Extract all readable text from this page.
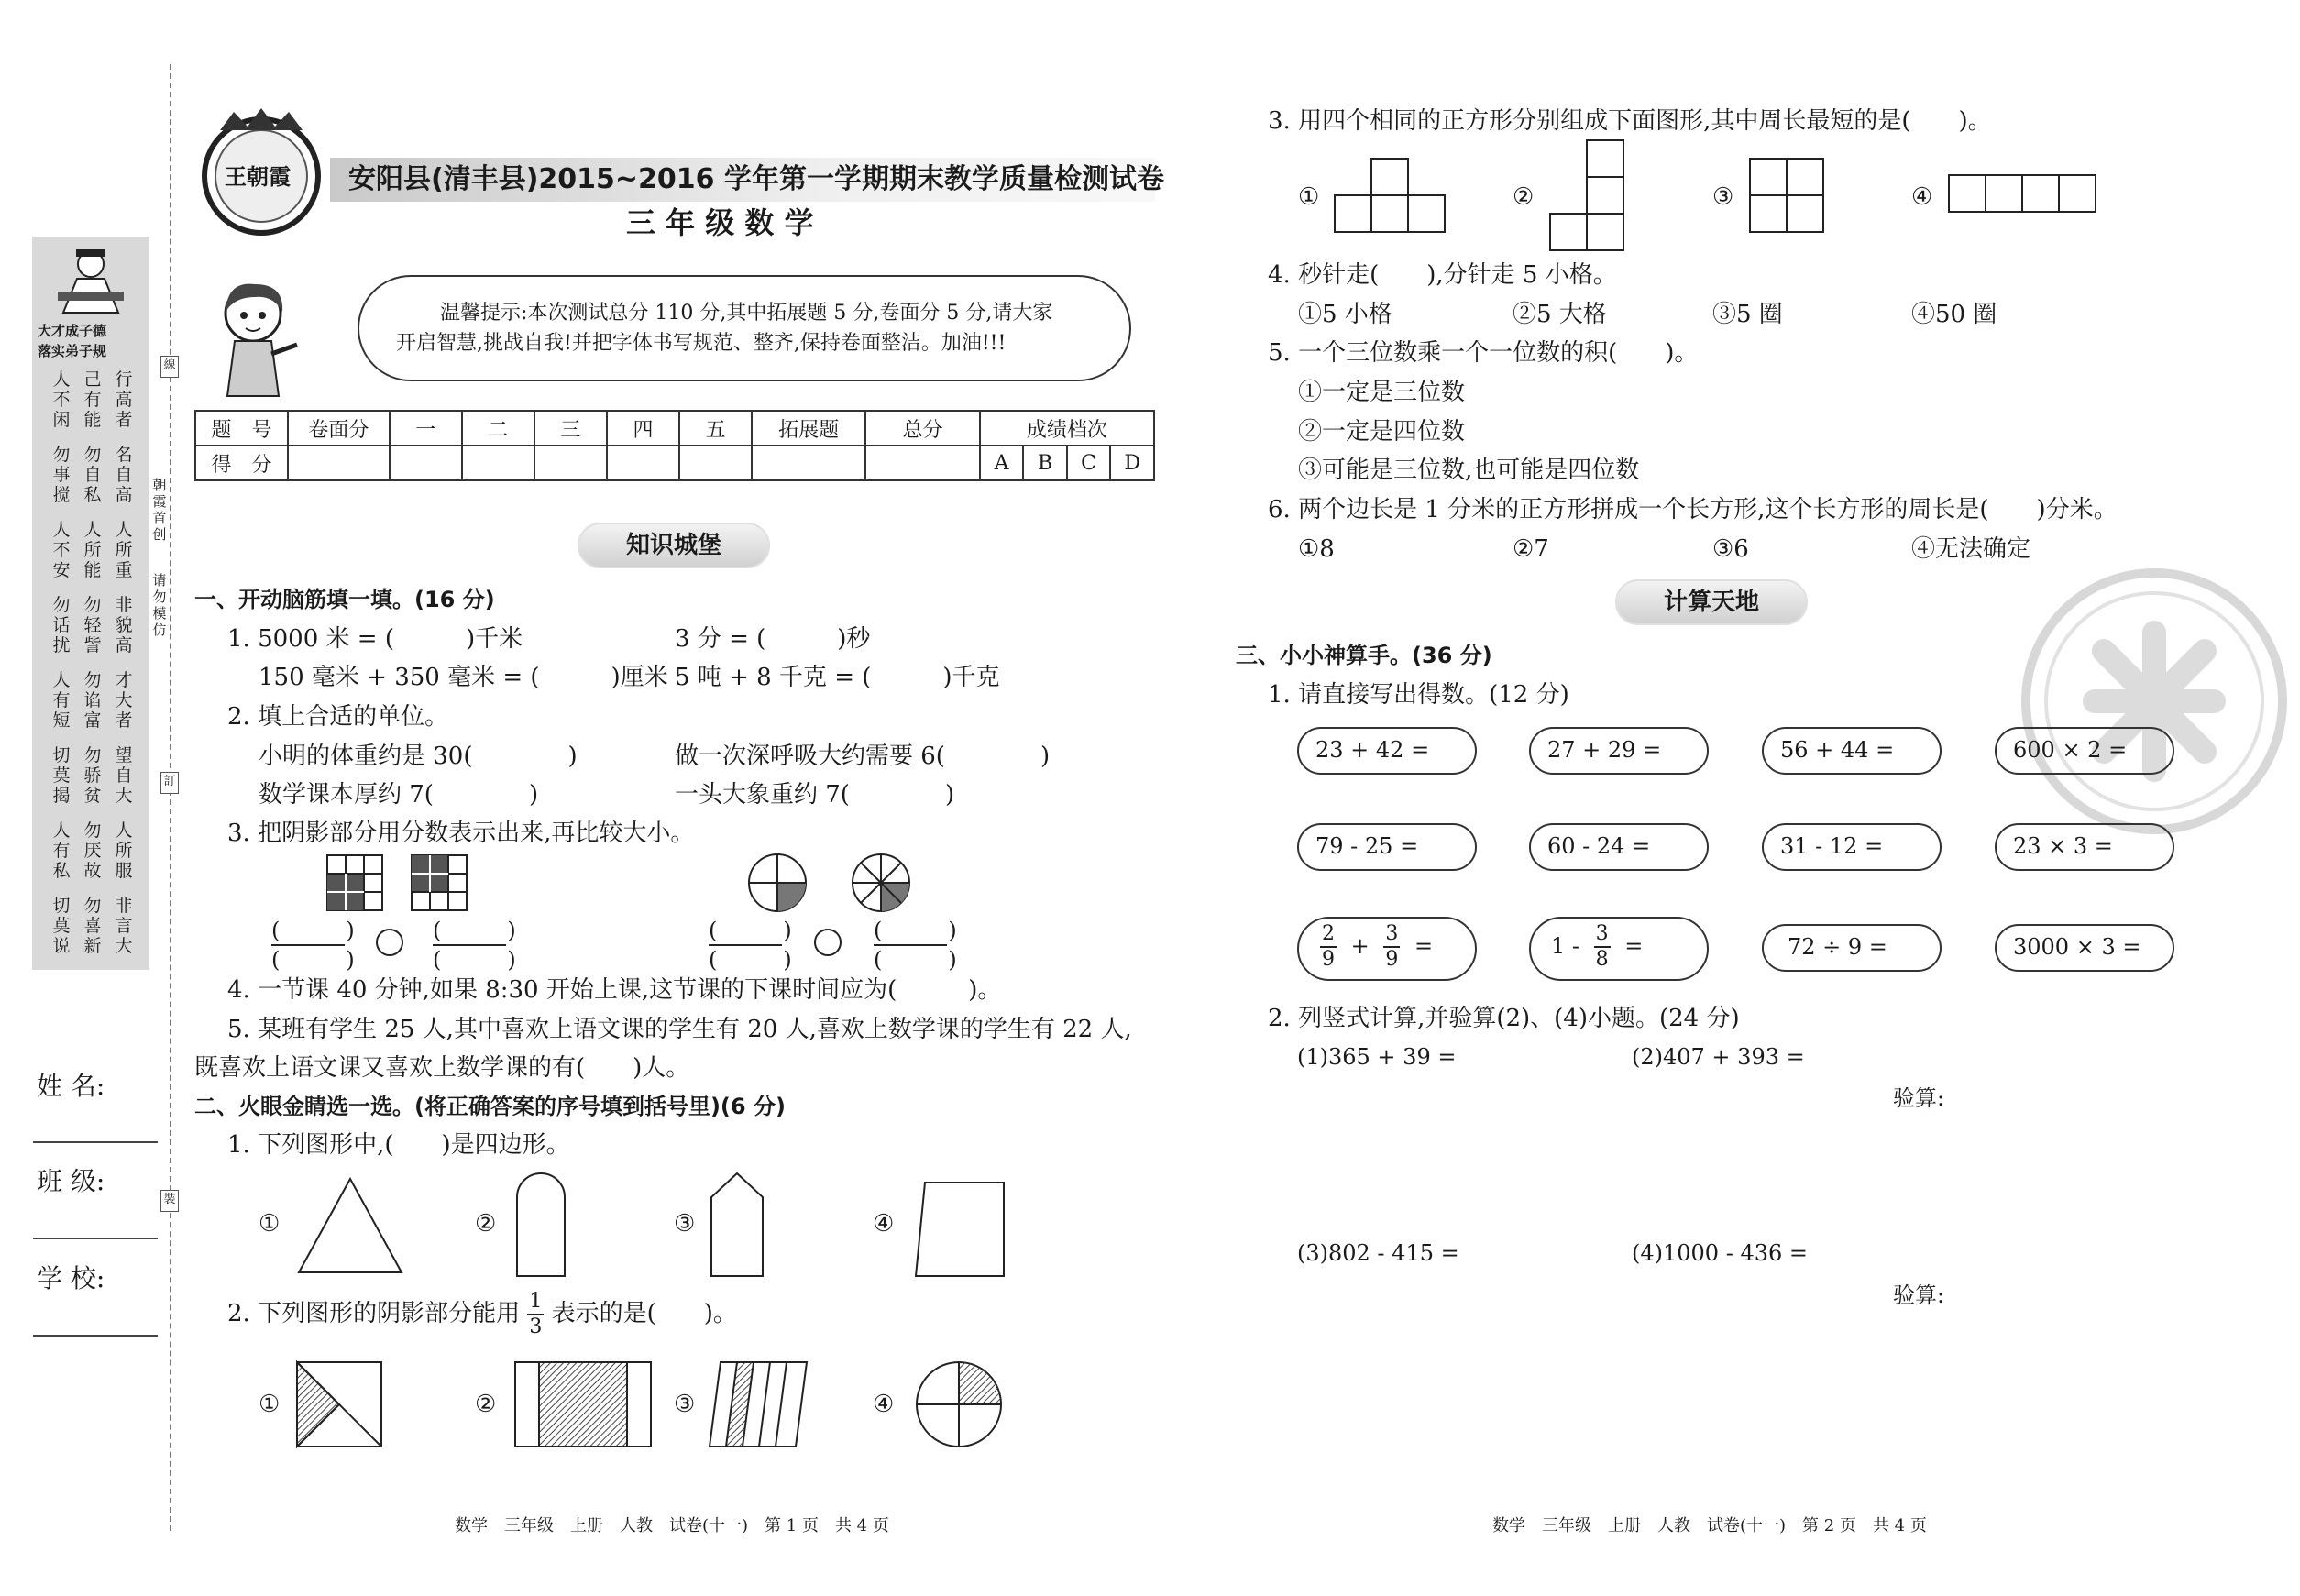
大才成子德
落实弟子规
人不闲
己有能
行高者
勿事搅
勿自私
名自高
人不安
人所能
人所重
勿话扰
勿轻訾
非貌高
人有短
勿谄富
才大者
切莫揭
勿骄贫
望自大
人有私
勿厌故
人所服
切莫说
勿喜新
非言大
線
訂
裝
朝霞首创
请勿模仿
姓 名:
班 级:
学 校:
王朝霞 安阳县(清丰县)2015~2016 学年第一学期期末教学质量检测试卷
三 年 级 数 学
温馨提示:本次测试总分 110 分,其中拓展题 5 分,卷面分 5 分,请大家
开启智慧,挑战自我!并把字体书写规范、整齐,保持卷面整洁。加油!!!
题　号	卷面分	一	二	三	四	五	拓展题	总分	成绩档次			
得　分									A	B	C	D
知识城堡
一、开动脑筋填一填。(16 分)
1. 5000 米 = (　　　)千米	3 分 = (　　　)秒
150 毫米 + 350 毫米 = (　　　)厘米 5 吨 + 8 千克 = (　　　)千克
2. 填上合适的单位。
小明的体重约是 30(　　　　)	做一次深呼吸大约需要 6(　　　　)
数学课本厚约 7(　　　　)	一头大象重约 7(　　　　)
3. 把阴影部分用分数表示出来,再比较大小。
(　　　)
(　　　)
(　　　)
(　　　)
(　　　)
(　　　)
(　　　)
(　　　)
4. 一节课 40 分钟,如果 8:30 开始上课,这节课的下课时间应为(　　　)。
5. 某班有学生 25 人,其中喜欢上语文课的学生有 20 人,喜欢上数学课的学生有 22 人,
既喜欢上语文课又喜欢上数学课的有(　　)人。
二、火眼金睛选一选。(将正确答案的序号填到括号里)(6 分)
1. 下列图形中,(　　)是四边形。
①	②	③	④
2. 下列图形的阴影部分能用 $\frac{1}{3}$ 表示的是(　　)。
①	②	③	④
数学　三年级　上册　人教　试卷(十一)　第 1 页　共 4 页
3. 用四个相同的正方形分别组成下面图形,其中周长最短的是(　　)。
①	②	③	④
4. 秒针走(　　),分针走 5 小格。
①5 小格	②5 大格	③5 圈	④50 圈
5. 一个三位数乘一个一位数的积(　　)。
①一定是三位数
②一定是四位数
③可能是三位数,也可能是四位数
6. 两个边长是 1 分米的正方形拼成一个长方形,这个长方形的周长是(　　)分米。
①8	②7	③6	④无法确定
计算天地
三、小小神算手。(36 分)
1. 请直接写出得数。(12 分)
23 + 42 =	27 + 29 =	56 + 44 =	600 × 2 =
79 - 25 =	60 - 24 =	31 - 12 =	23 × 3 =
$\frac{2}{9} + \frac{3}{9}$ =	$1 - \frac{3}{8}$ =	72 ÷ 9 =	3000 × 3 =
2. 列竖式计算,并验算(2)、(4)小题。(24 分)
(1)365 + 39 =	(2)407 + 393 =
验算:
(3)802 - 415 =	(4)1000 - 436 =
验算:
数学　三年级　上册　人教　试卷(十一)　第 2 页　共 4 页
